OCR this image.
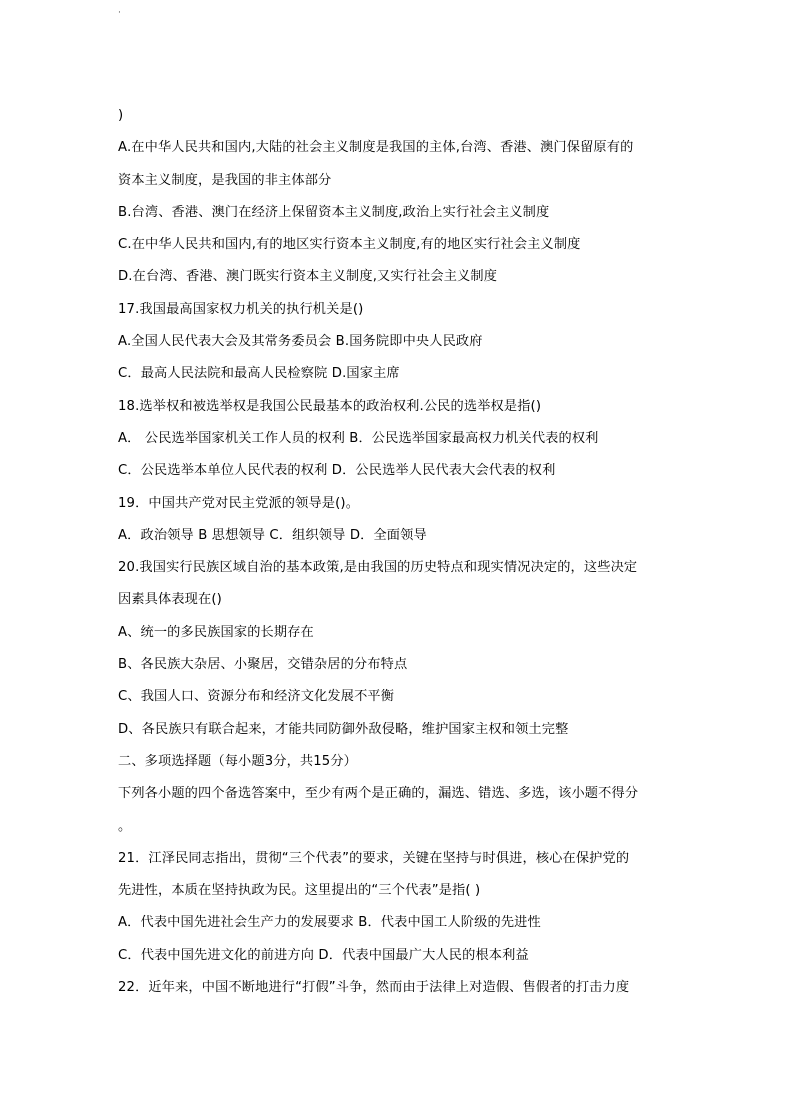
·
)
A.在中华人民共和国内,大陆的社会主义制度是我国的主体,台湾、香港、澳门保留原有的
资本主义制度，是我国的非主体部分
B.台湾、香港、澳门在经济上保留资本主义制度,政治上实行社会主义制度
C.在中华人民共和国内,有的地区实行资本主义制度,有的地区实行社会主义制度
D.在台湾、香港、澳门既实行资本主义制度,又实行社会主义制度
17.我国最高国家权力机关的执行机关是()
A.全国人民代表大会及其常务委员会 B.国务院即中央人民政府
C．最高人民法院和最高人民检察院 D.国家主席
18.选举权和被选举权是我国公民最基本的政治权利.公民的选举权是指()
A． 公民选举国家机关工作人员的权利 B．公民选举国家最高权力机关代表的权利
C．公民选举本单位人民代表的权利 D．公民选举人民代表大会代表的权利
19．中国共产党对民主党派的领导是()。
A．政治领导 B 思想领导 C．组织领导 D．全面领导
20.我国实行民族区域自治的基本政策,是由我国的历史特点和现实情况决定的，这些决定
因素具体表现在()
A、统一的多民族国家的长期存在
B、各民族大杂居、小聚居，交错杂居的分布特点
C、我国人口、资源分布和经济文化发展不平衡
D、各民族只有联合起来，才能共同防御外敌侵略，维护国家主权和领土完整
二、多项选择题（每小题3分，共15分）
下列各小题的四个备选答案中，至少有两个是正确的，漏选、错选、多选，该小题不得分
。
21．江泽民同志指出，贯彻“三个代表”的要求，关键在坚持与时俱进，核心在保护党的
先进性，本质在坚持执政为民。这里提出的“三个代表”是指( )
A．代表中国先进社会生产力的发展要求 B．代表中国工人阶级的先进性
C．代表中国先进文化的前进方向 D．代表中国最广大人民的根本利益
22．近年来，中国不断地进行“打假”斗争，然而由于法律上对造假、售假者的打击力度
